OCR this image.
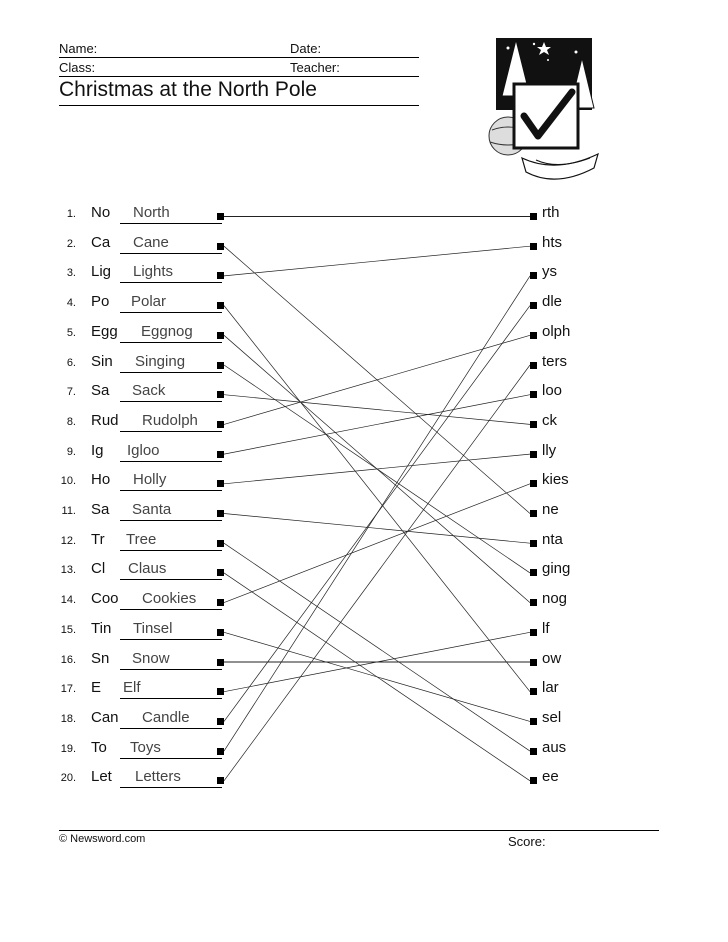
Name:	Date:
Class:	Teacher:
Christmas at the North Pole
1. No North	rth
2. Ca Cane	hts
3. Lig Lights	ys
4. Po Polar	dle
5. Egg Eggnog	olph
6. Sin Singing	ters
7. Sa Sack	loo
8. Rud Rudolph	ck
9. Ig Igloo	lly
10. Ho Holly	kies
11. Sa Santa	ne
12. Tr Tree	nta
13. Cl Claus	ging
14. Coo Cookies	nog
15. Tin Tinsel	lf
16. Sn Snow	ow
17. E Elf	lar
18. Can Candle	sel
19. To Toys	aus
20. Let Letters	ee
© Newsword.com	Score:
